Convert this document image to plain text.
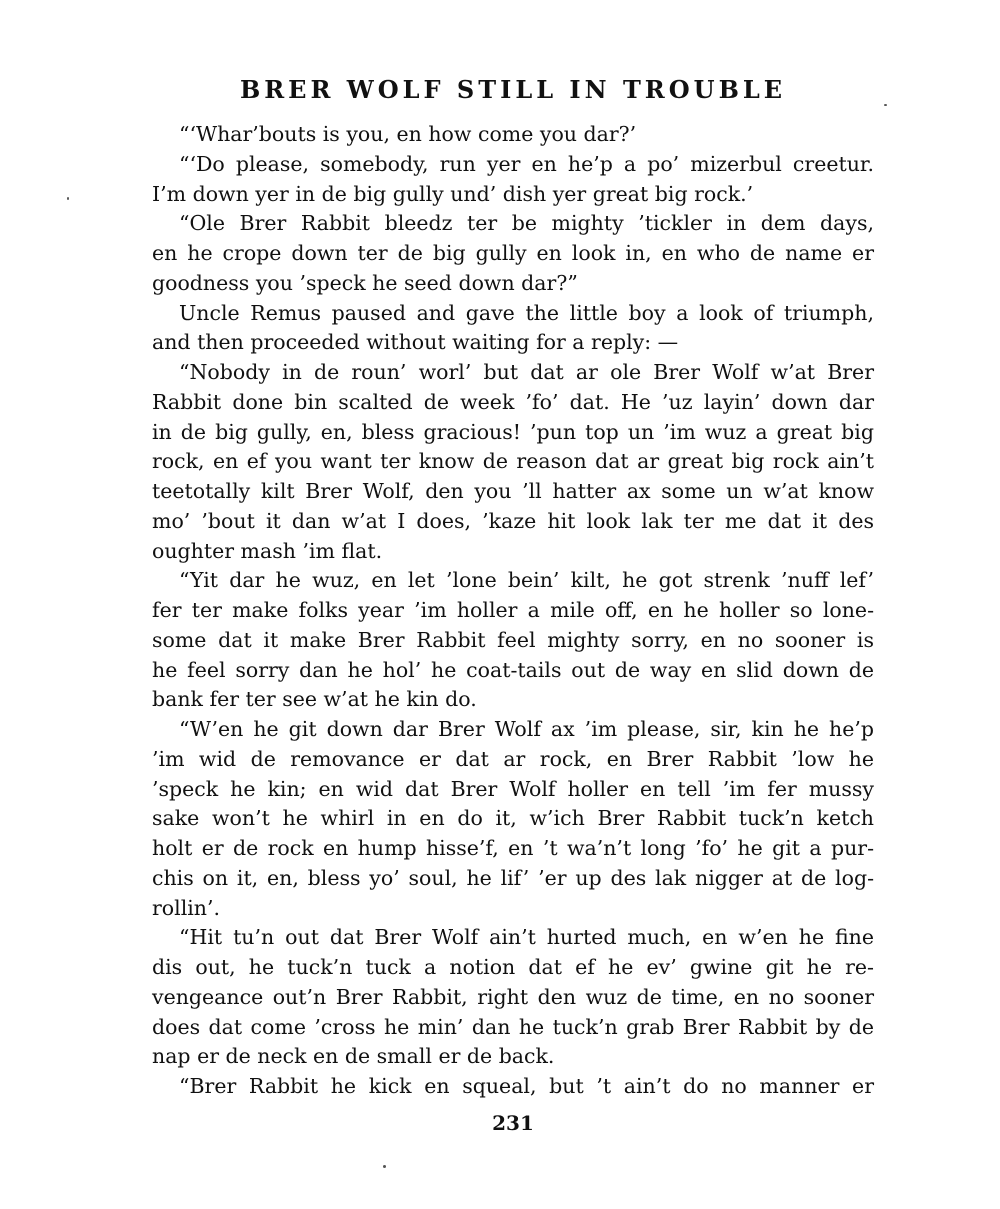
BRER WOLF STILL IN TROUBLE
“‘Whar’bouts is you, en how come you dar?’
“‘Do please, somebody, run yer en he’p a po’ mizerbul creetur.
I’m down yer in de big gully und’ dish yer great big rock.’
“Ole Brer Rabbit bleedz ter be mighty ’tickler in dem days,
en he crope down ter de big gully en look in, en who de name er
goodness you ’speck he seed down dar?”
Uncle Remus paused and gave the little boy a look of triumph,
and then proceeded without waiting for a reply: —
“Nobody in de roun’ worl’ but dat ar ole Brer Wolf w’at Brer
Rabbit done bin scalted de week ’fo’ dat. He ’uz layin’ down dar
in de big gully, en, bless gracious! ’pun top un ’im wuz a great big
rock, en ef you want ter know de reason dat ar great big rock ain’t
teetotally kilt Brer Wolf, den you ’ll hatter ax some un w’at know
mo’ ’bout it dan w’at I does, ’kaze hit look lak ter me dat it des
oughter mash ’im flat.
“Yit dar he wuz, en let ’lone bein’ kilt, he got strenk ’nuff lef’
fer ter make folks year ’im holler a mile off, en he holler so lone-
some dat it make Brer Rabbit feel mighty sorry, en no sooner is
he feel sorry dan he hol’ he coat-tails out de way en slid down de
bank fer ter see w’at he kin do.
“W’en he git down dar Brer Wolf ax ’im please, sir, kin he he’p
’im wid de removance er dat ar rock, en Brer Rabbit ’low he
’speck he kin; en wid dat Brer Wolf holler en tell ’im fer mussy
sake won’t he whirl in en do it, w’ich Brer Rabbit tuck’n ketch
holt er de rock en hump hisse’f, en ’t wa’n’t long ’fo’ he git a pur-
chis on it, en, bless yo’ soul, he lif’ ’er up des lak nigger at de log-
rollin’.
“Hit tu’n out dat Brer Wolf ain’t hurted much, en w’en he fine
dis out, he tuck’n tuck a notion dat ef he ev’ gwine git he re-
vengeance out’n Brer Rabbit, right den wuz de time, en no sooner
does dat come ’cross he min’ dan he tuck’n grab Brer Rabbit by de
nap er de neck en de small er de back.
“Brer Rabbit he kick en squeal, but ’t ain’t do no manner er
231
